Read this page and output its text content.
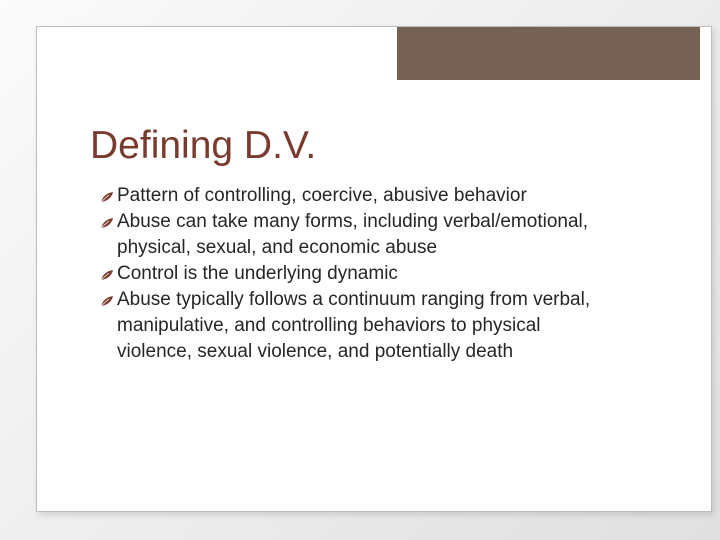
Defining D.V.
Pattern of controlling, coercive, abusive behavior
Abuse can take many forms, including verbal/emotional, physical, sexual, and economic abuse
Control is the underlying dynamic
Abuse typically follows a continuum ranging from verbal, manipulative, and controlling behaviors to physical violence, sexual violence, and potentially death
